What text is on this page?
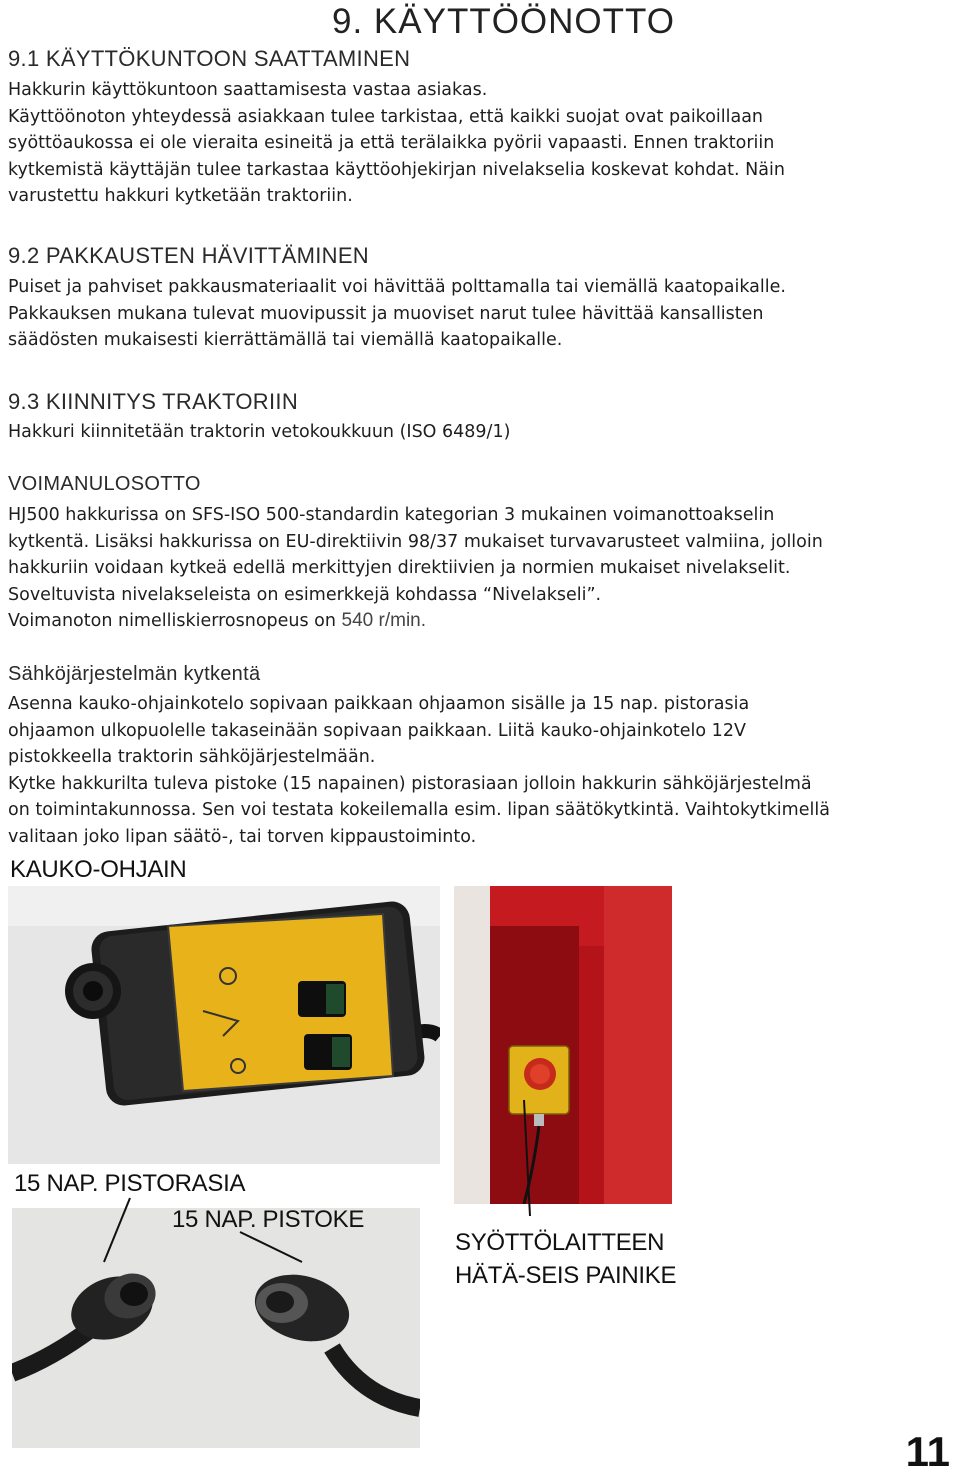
9. KÄYTTÖÖNOTTO
9.1 KÄYTTÖKUNTOON SAATTAMINEN

Hakkurin käyttökuntoon saattamisesta vastaa asiakas.

Käyttöönoton yhteydessä asiakkaan tulee tarkistaa, että kaikki suojat ovat paikoillaan

syöttöaukossa ei ole vieraita esineitä ja että terälaikka pyörii vapaasti. Ennen traktoriin

kytkemistä käyttäjän tulee tarkastaa käyttöohjekirjan nivelakselia koskevat kohdat. Näin

varustettu hakkuri kytketään traktoriin.

9.2 PAKKAUSTEN HÄVITTÄMINEN

Puiset ja pahviset pakkausmateriaalit voi hävittää polttamalla tai viemällä kaatopaikalle.

Pakkauksen mukana tulevat muovipussit ja muoviset narut tulee hävittää kansallisten

säädösten mukaisesti kierrättämällä tai viemällä kaatopaikalle.

9.3 KIINNITYS TRAKTORIIN

Hakkuri kiinnitetään traktorin vetokoukkuun (ISO 6489/1)

VOIMANULOSOTTO

HJ500 hakkurissa on SFS-ISO 500-standardin kategorian 3 mukainen voimanottoakselin

kytkentä. Lisäksi hakkurissa on EU-direktiivin 98/37 mukaiset turvavarusteet valmiina, jolloin

hakkuriin voidaan kytkeä edellä merkittyjen direktiivien ja normien mukaiset nivelakselit.

Soveltuvista nivelakseleista on esimerkkejä kohdassa “Nivelakseli”.

Voimanoton nimelliskierrosnopeus on 540 r/min.

Sähköjärjestelmän kytkentä

Asenna kauko-ohjainkotelo sopivaan paikkaan ohjaamon sisälle ja 15 nap. pistorasia

ohjaamon ulkopuolelle takaseinään sopivaan paikkaan. Liitä kauko-ohjainkotelo 12V

pistokkeella traktorin sähköjärjestelmään.

Kytke hakkurilta tuleva pistoke (15 napainen) pistorasiaan jolloin hakkurin sähköjärjestelmä

on toimintakunnossa. Sen voi testata kokeilemalla esim. lipan säätökytkintä. Vaihtokytkimellä

valitaan joko lipan säätö-, tai torven kippaustoiminto.

KAUKO-OHJAIN
15 NAP. PISTORASIA
15 NAP. PISTOKE
SYÖTTÖLAITTEEN
HÄTÄ-SEIS PAINIKE
11
